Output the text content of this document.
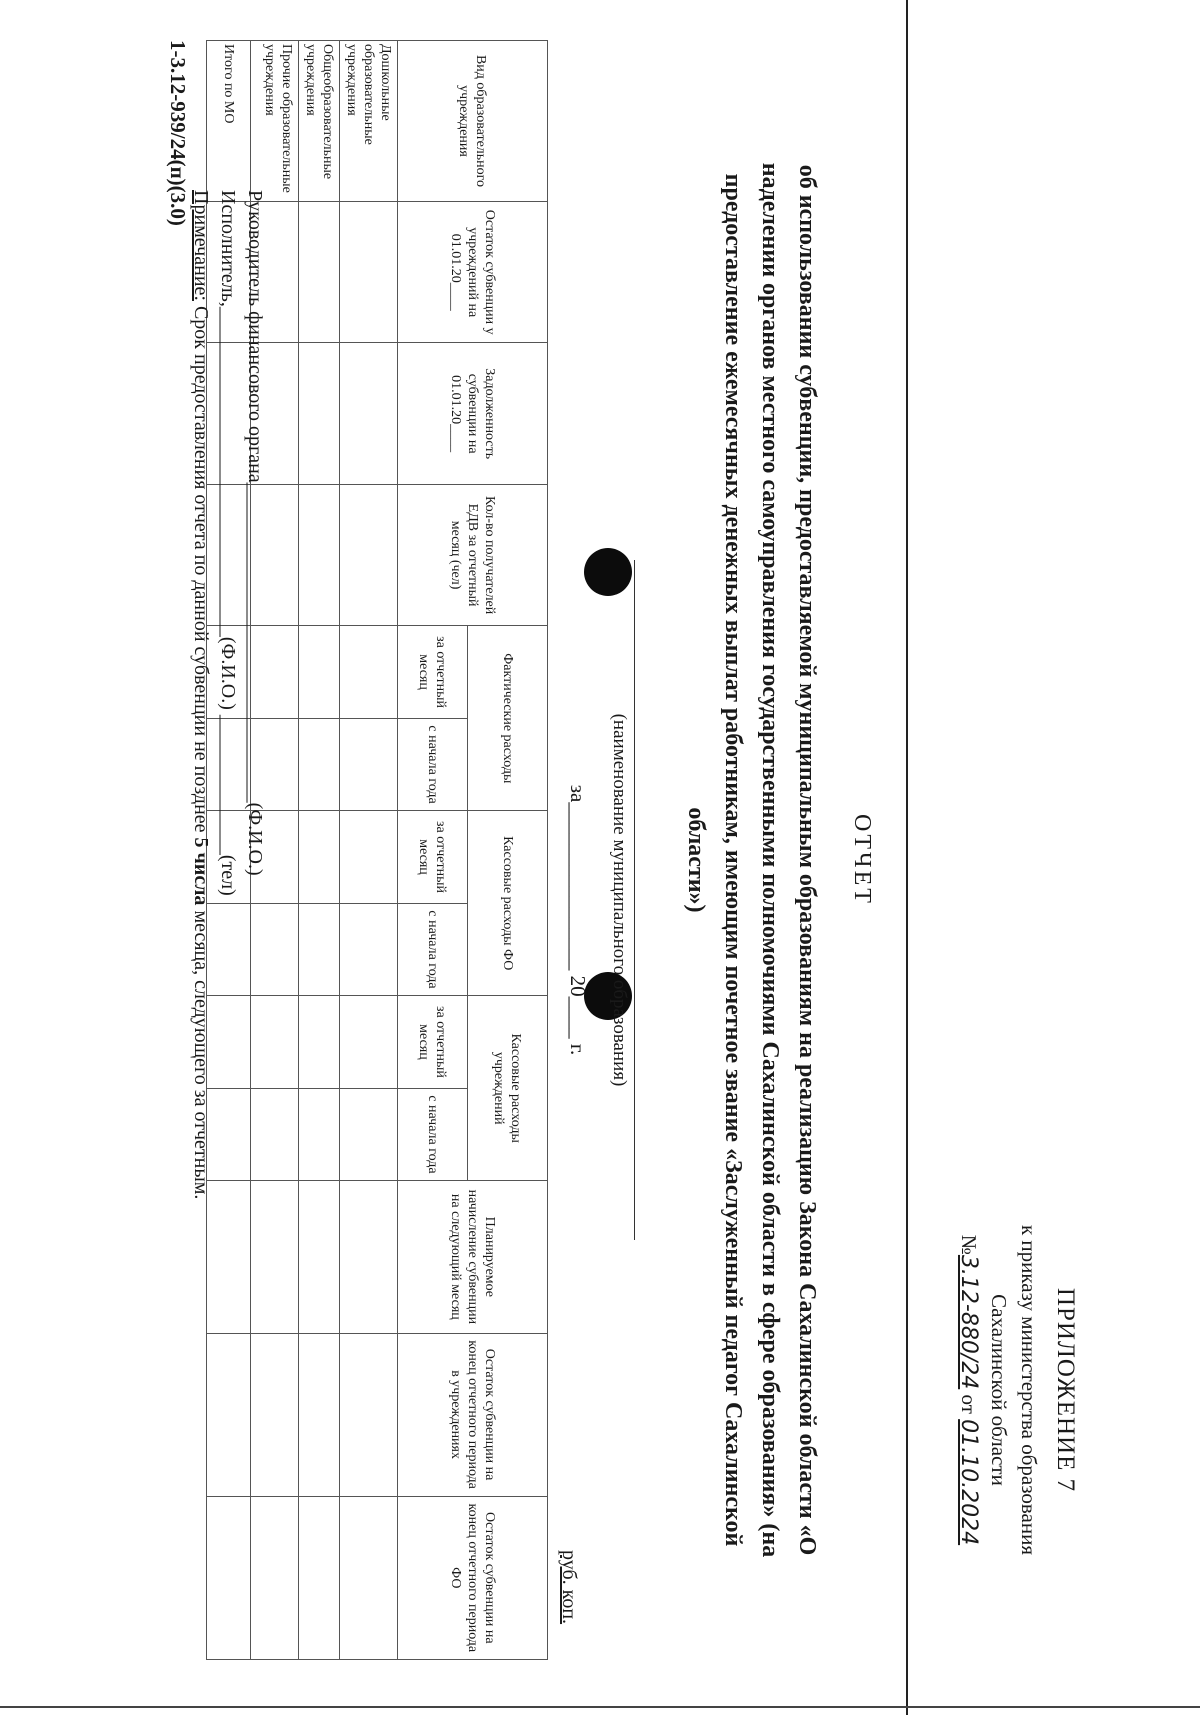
ПРИЛОЖЕНИЕ 7
к приказу министерства образования
Сахалинской области
№3.12-880/24 от 01.10.2024
ОТЧЕТ
об использовании субвенции, предоставляемой муниципальным образованиям на реализацию Закона Сахалинской области «О наделении органов местного самоуправления государственными полномочиями Сахалинской области в сфере образования» (на предоставление ежемесячных денежных выплат работникам, имеющим почетное звание «Заслуженный педагог Сахалинской области»)
(наименование муниципального образования)
за________________ 20____ г.
руб. коп.
Вид образовательного учреждения	Остаток субвенции у учреждений на 01.01.20____	Задолженность субвенции на 01.01.20____	Кол-во получателей ЕДВ за отчетный месяц (чел)	Фактические расходы		Кассовые расходы ФО		Кассовые расходы учреждений		Планируемое начисление субвенции на следующий месяц	Остаток субвенции на конец отчетного периода в учреждениях	Остаток субвенции на конец отчетного периода ФО
				за отчетный месяц	с начала года	за отчетный месяц	с начала года	за отчетный месяц	с начала года			
Дошкольные образовательные учреждения												
Общеобразовательные учреждения												
Прочие образовательные учреждения												
Итого по МО												
Руководитель финансового органа________________________________(Ф.И.О.)
Исполнитель,_________________________________(Ф.И.О.) ______________(тел)
Примечание: Срок предоставления отчета по данной субвенции не позднее 5 числа месяца, следующего за отчетным.
1-3.12-939/24(п)(3.0)
